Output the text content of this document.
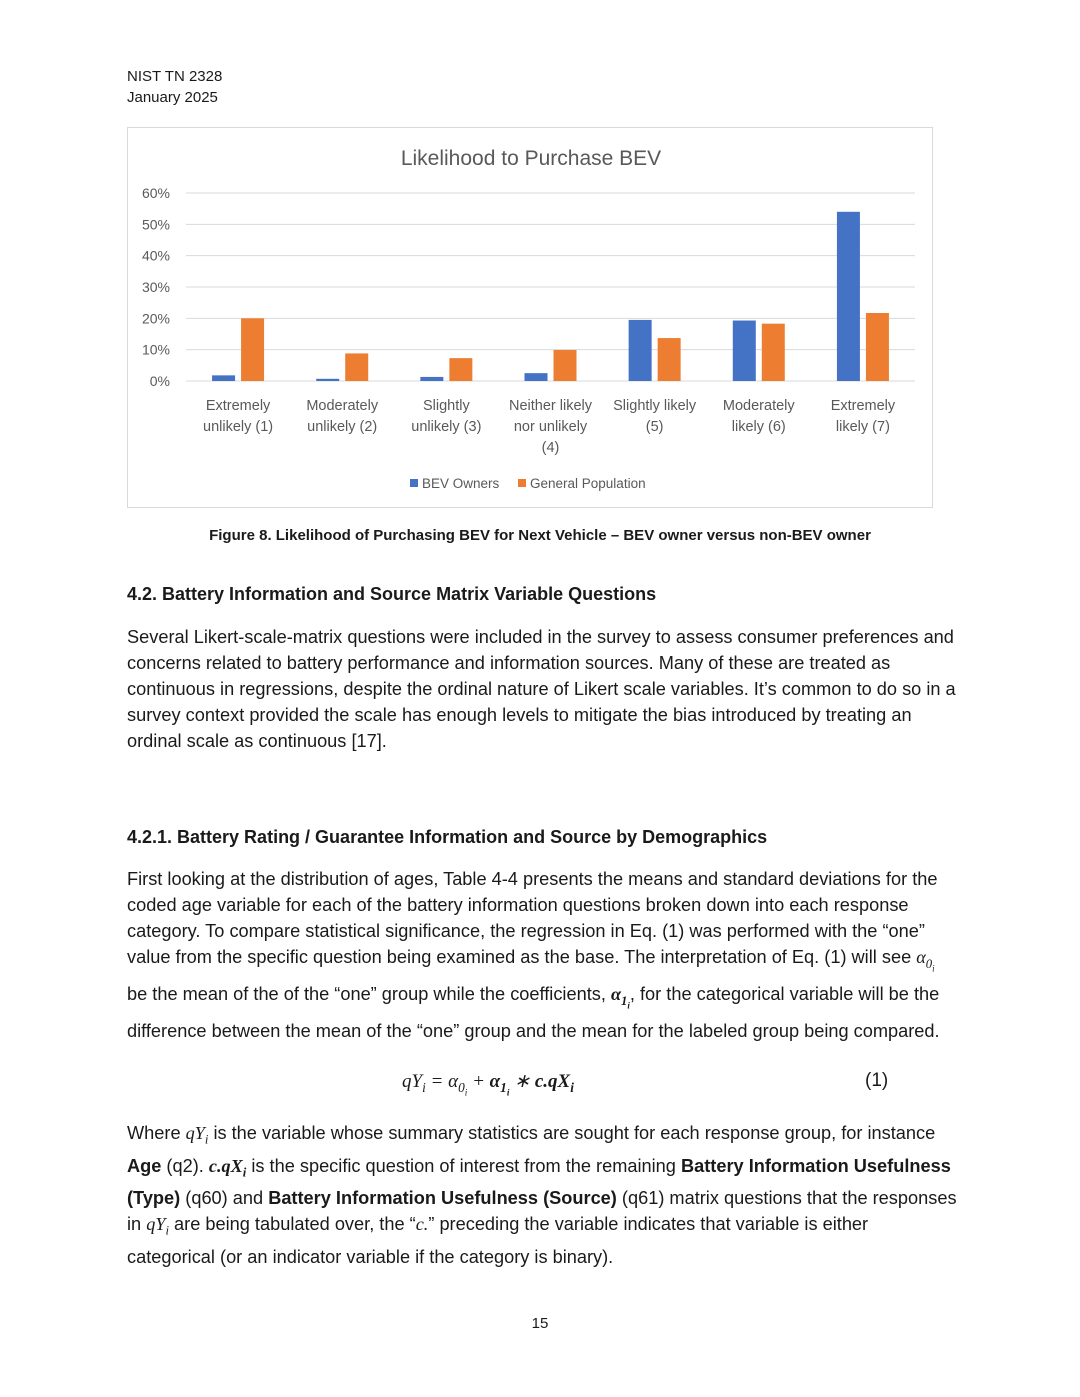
NIST TN 2328
January 2025
Likelihood to Purchase BEV
0%
10%
20%
30%
40%
50%
60%
Extremely
unlikely (1)
Moderately
unlikely (2)
Slightly
unlikely (3)
Neither likely
nor unlikely
(4)
Slightly likely
(5)
Moderately
likely (6)
Extremely
likely (7)
BEV Owners General Population
Figure 8. Likelihood of Purchasing BEV for Next Vehicle – BEV owner versus non-BEV owner
4.2. Battery Information and Source Matrix Variable Questions

Several Likert-scale-matrix questions were included in the survey to assess consumer preferences and concerns related to battery performance and information sources. Many of these are treated as continuous in regressions, despite the ordinal nature of Likert scale variables. It’s common to do so in a survey context provided the scale has enough levels to mitigate the bias introduced by treating an ordinal scale as continuous [17].

4.2.1. Battery Rating / Guarantee Information and Source by Demographics

First looking at the distribution of ages, Table 4-4 presents the means and standard deviations for the coded age variable for each of the battery information questions broken down into each response category. To compare statistical significance, the regression in Eq. (1) was performed with the “one” value from the specific question being examined as the base. The interpretation of Eq. (1) will see $\alpha_{0_i}$ be the mean of the of the “one” group while the coefficients, $\alpha_{1_i}$, for the categorical variable will be the difference between the mean of the “one” group and the mean for the labeled group being compared.

$qY_i = \alpha_{0_i} + \alpha_{1_i}$ ∗ $c.qX_i$	(1)

Where $qY_i$ is the variable whose summary statistics are sought for each response group, for instance Age (q2). $c.qX_i$ is the specific question of interest from the remaining Battery Information Usefulness (Type) (q60) and Battery Information Usefulness (Source) (q61) matrix questions that the responses in $qY_i$ are being tabulated over, the “c.” preceding the variable indicates that variable is either categorical (or an indicator variable if the category is binary).

15
